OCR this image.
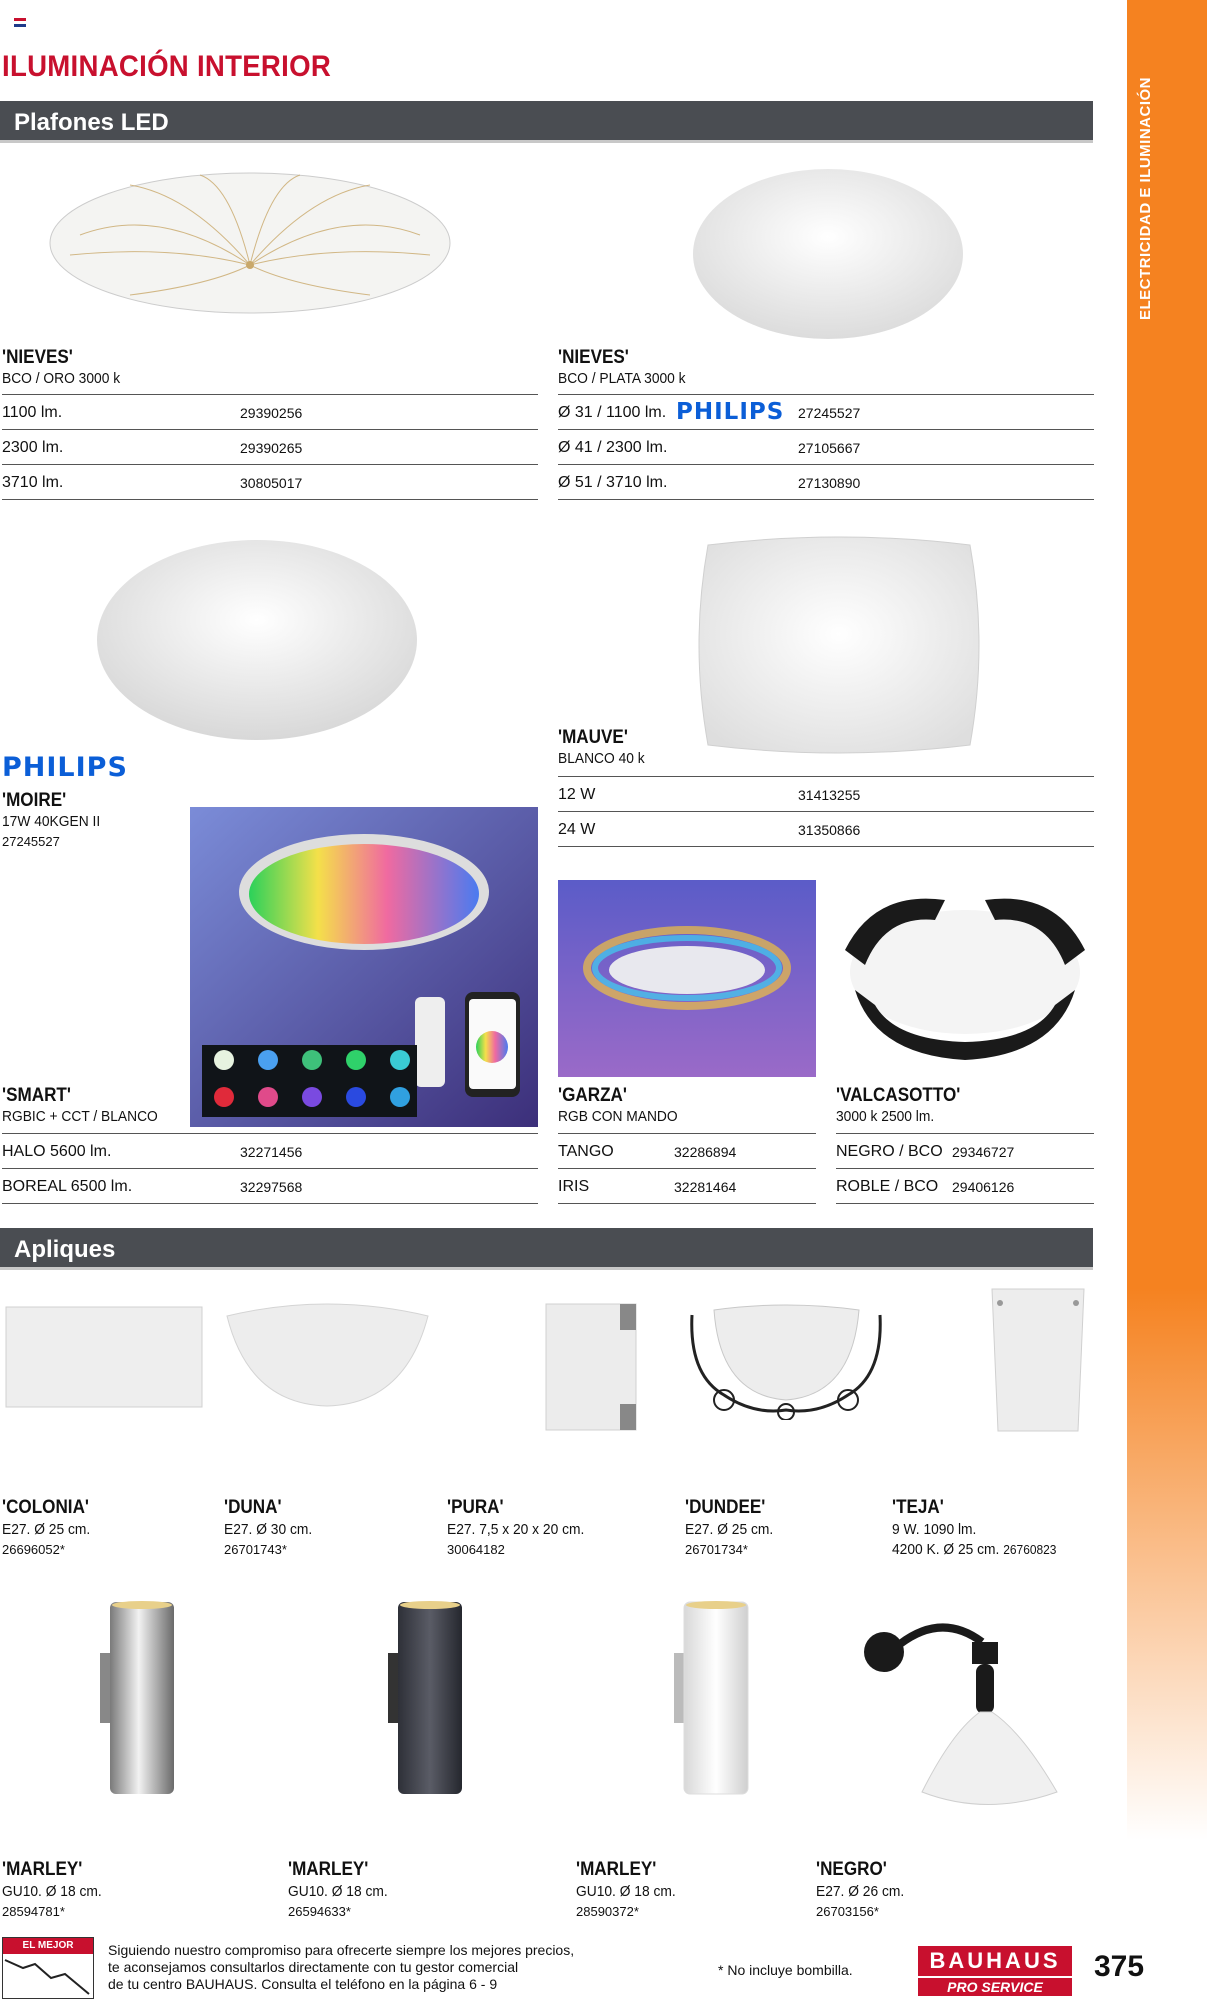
ILUMINACIÓN INTERIOR
ELECTRICIDAD E ILUMINACIÓN
Plafones LED
'NIEVES'
BCO / ORO 3000 k
1100 lm.	29390256
2300 lm.	29390265
3710 lm.	30805017
'NIEVES'
BCO / PLATA 3000 k
Ø 31 / 1100 lm. PHILIPS 27245527
Ø 41 / 2300 lm.	27105667
Ø 51 / 3710 lm.	27130890
PHILIPS
'MOIRE'
17W 40KGEN II
27245527
'MAUVE'
BLANCO 40 k
12 W	31413255
24 W	31350866
'SMART'
RGBIC + CCT / BLANCO
HALO 5600 lm.	32271456
BOREAL 6500 lm.	32297568
'GARZA'
RGB CON MANDO
TANGO	32286894
IRIS	32281464
'VALCASOTTO'
3000 k 2500 lm.
NEGRO / BCO 29346727
ROBLE / BCO 29406126
Apliques
'COLONIA'
E27. Ø 25 cm.
26696052*
'DUNA'
E27. Ø 30 cm.
26701743*
'PURA'
E27. 7,5 x 20 x 20 cm.
30064182
'DUNDEE'
E27. Ø 25 cm.
26701734*
'TEJA'
9 W. 1090 lm.
4200 K. Ø 25 cm. 26760823
'MARLEY'
GU10. Ø 18 cm.
28594781*
'MARLEY'
GU10. Ø 18 cm.
26594633*
'MARLEY'
GU10. Ø 18 cm.
28590372*
'NEGRO'
E27. Ø 26 cm.
26703156*
EL MEJOR PRECIO
Siguiendo nuestro compromiso para ofrecerte siempre los mejores precios,
te aconsejamos consultarlos directamente con tu gestor comercial
de tu centro BAUHAUS. Consulta el teléfono en la página 6 - 9
* No incluye bombilla.	BAUHAUS
PRO SERVICE
375
